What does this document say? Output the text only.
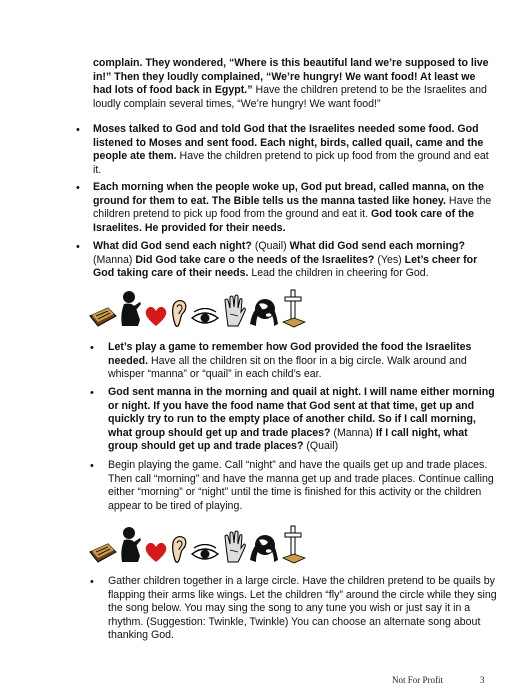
complain. They wondered, “Where is this beautiful land we’re supposed to live in!” Then they loudly complained, “We’re hungry! We want food! At least we had lots of food back in Egypt.” Have the children pretend to be the Israelites and loudly complain several times, “We’re hungry! We want food!”

• Moses talked to God and told God that the Israelites needed some food. God listened to Moses and sent food. Each night, birds, called quail, came and the people ate them. Have the children pretend to pick up food from the ground and eat it.

• Each morning when the people woke up, God put bread, called manna, on the ground for them to eat. The Bible tells us the manna tasted like honey. Have the children pretend to pick up food from the ground and eat it. God took care of the Israelites. He provided for their needs.

• What did God send each night? (Quail) What did God send each morning? (Manna) Did God take care o the needs of the Israelites? (Yes) Let’s cheer for God taking care of their needs. Lead the children in cheering for God.

• Let’s play a game to remember how God provided the food the Israelites needed. Have all the children sit on the floor in a big circle. Walk around and whisper “manna” or “quail” in each child’s ear.

• God sent manna in the morning and quail at night. I will name either morning or night. If you have the food name that God sent at that time, get up and quickly try to run to the empty place of another child. So if I call morning, what group should get up and trade places? (Manna) If I call night, what group should get up and trade places? (Quail)

• Begin playing the game. Call “night” and have the quails get up and trade places. Then call “morning” and have the manna get up and trade places. Continue calling either “morning” or “night” until the time is finished for this activity or the children appear to be tired of playing.

• Gather children together in a large circle. Have the children pretend to be quails by flapping their arms like wings. Let the children “fly” around the circle while they sing the song below. You may sing the song to any tune you wish or just say it in a rhythm. (Suggestion: Twinkle, Twinkle) You can choose an alternate song about thanking God.

Not For Profit	3
